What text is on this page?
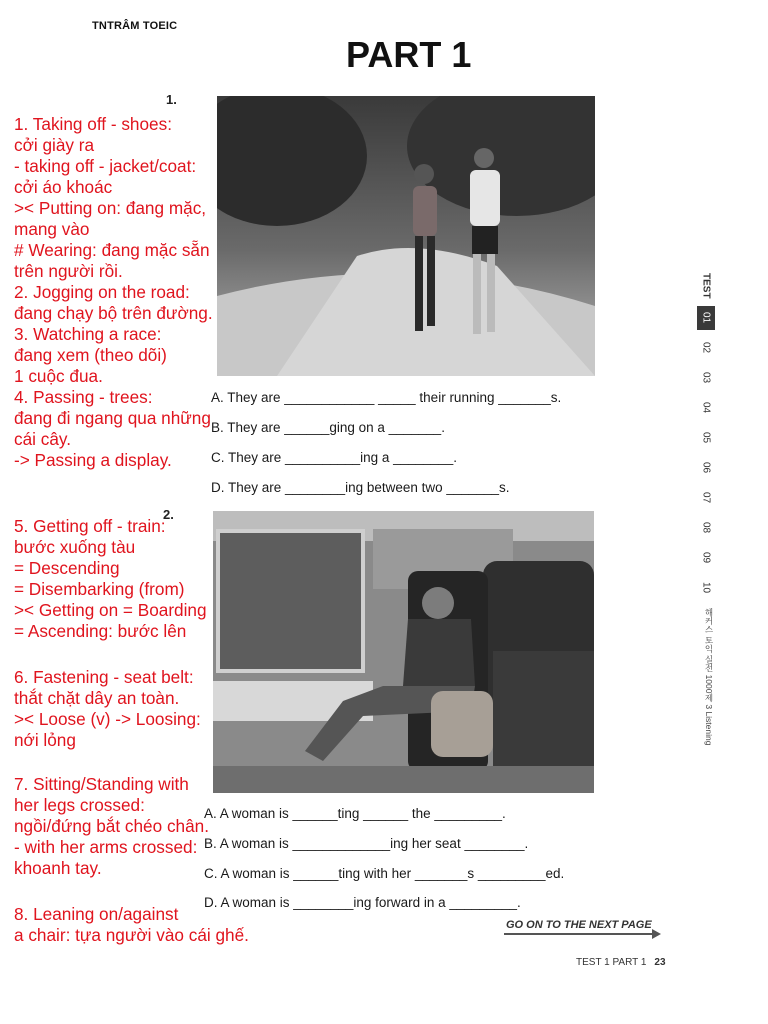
TNTRÂM TOEIC
PART 1
1.
A. They are ____________ _____ their running _______s.
B. They are ______ging on a _______.
C. They are __________ing a ________.
D. They are ________ing between two _______s.
2.
A. A woman is ______ting ______ the _________.
B. A woman is _____________ing her seat ________.
C. A woman is ______ting with her _______s _________ed.
D. A woman is ________ing forward in a _________.
1. Taking off - shoes:
cởi giày ra
- taking off - jacket/coat:
cởi áo khoác
>< Putting on: đang mặc,
mang vào
# Wearing: đang mặc sẵn
trên người rồi.
2. Jogging on the road:
đang chạy bộ trên đường.
3. Watching a race:
đang xem (theo dõi)
1 cuộc đua.
4. Passing - trees:
đang đi ngang qua những
cái cây.
-> Passing a display.
5. Getting off - train:
bước xuống tàu
= Descending
= Disembarking (from)
>< Getting on = Boarding
= Ascending: bước lên
6. Fastening - seat belt:
thắt chặt dây an toàn.
>< Loose (v) -> Loosing:
nới lỏng
7. Sitting/Standing with
her legs crossed:
ngồi/đứng bắt chéo chân.
- with her arms crossed:
khoanh tay.
8. Leaning on/against
a chair: tựa người vào cái ghế.
TEST
01
02
03
04
05
06
07
08
09
10
해커스 토익 실전 1000제 3 Listening
GO ON TO THE NEXT PAGE
TEST 1 PART 1 23
